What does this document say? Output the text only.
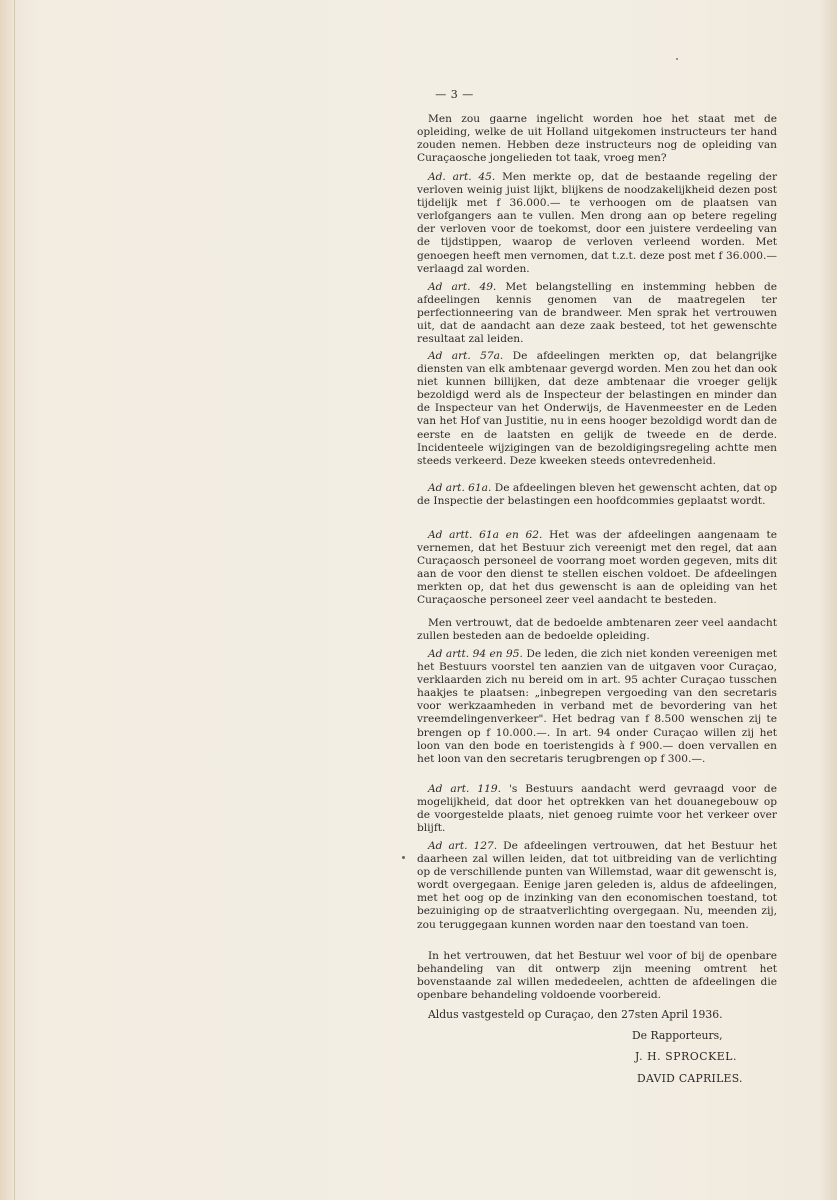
— 3 —

Men zou gaarne ingelicht worden hoe het staat met de opleiding, welke de uit Holland uitgekomen instructeurs ter hand zouden nemen. Hebben deze instructeurs nog de opleiding van Curaçaosche jongelieden tot taak, vroeg men?

Ad. art. 45. Men merkte op, dat de bestaande regeling der verloven weinig juist lijkt, blijkens de noodzakelijkheid dezen post tijdelijk met f 36.000.— te verhoogen om de plaatsen van verlofgangers aan te vullen. Men drong aan op betere regeling der verloven voor de toekomst, door een juistere verdeeling van de tijdstippen, waarop de verloven verleend worden. Met genoegen heeft men vernomen, dat t.z.t. deze post met f 36.000.— verlaagd zal worden.

Ad art. 49. Met belangstelling en instemming hebben de afdeelingen kennis genomen van de maatregelen ter perfectionneering van de brandweer. Men sprak het vertrouwen uit, dat de aandacht aan deze zaak besteed, tot het gewenschte resultaat zal leiden.

Ad art. 57a. De afdeelingen merkten op, dat belangrijke diensten van elk ambtenaar gevergd worden. Men zou het dan ook niet kunnen billijken, dat deze ambtenaar die vroeger gelijk bezoldigd werd als de Inspecteur der belastingen en minder dan de Inspecteur van het Onderwijs, de Havenmeester en de Leden van het Hof van Justitie, nu in eens hooger bezoldigd wordt dan de eerste en de laatsten en gelijk de tweede en de derde. Incidenteele wijzigingen van de bezoldigingsregeling achtte men steeds verkeerd. Deze kweeken steeds ontevredenheid.

Ad art. 61a. De afdeelingen bleven het gewenscht achten, dat op de Inspectie der belastingen een hoofdcommies geplaatst wordt.

Ad artt. 61a en 62. Het was der afdeelingen aangenaam te vernemen, dat het Bestuur zich vereenigt met den regel, dat aan Curaçaosch personeel de voorrang moet worden gegeven, mits dit aan de voor den dienst te stellen eischen voldoet. De afdeelingen merkten op, dat het dus gewenscht is aan de opleiding van het Curaçaosche personeel zeer veel aandacht te besteden.

Men vertrouwt, dat de bedoelde ambtenaren zeer veel aandacht zullen besteden aan de bedoelde opleiding.

Ad artt. 94 en 95. De leden, die zich niet konden vereenigen met het Bestuurs voorstel ten aanzien van de uitgaven voor Curaçao, verklaarden zich nu bereid om in art. 95 achter Curaçao tusschen haakjes te plaatsen: „inbegrepen vergoeding van den secretaris voor werkzaamheden in verband met de bevordering van het vreemdelingenverkeer". Het bedrag van f 8.500 wenschen zij te brengen op f 10.000.—. In art. 94 onder Curaçao willen zij het loon van den bode en toeristengids à f 900.— doen vervallen en het loon van den secretaris terugbrengen op f 300.—.

Ad art. 119. 's Bestuurs aandacht werd gevraagd voor de mogelijkheid, dat door het optrekken van het douanegebouw op de voorgestelde plaats, niet genoeg ruimte voor het verkeer over blijft.

Ad art. 127. De afdeelingen vertrouwen, dat het Bestuur het daarheen zal willen leiden, dat tot uitbreiding van de verlichting op de verschillende punten van Willemstad, waar dit gewenscht is, wordt overgegaan. Eenige jaren geleden is, aldus de afdeelingen, met het oog op de inzinking van den economischen toestand, tot bezuiniging op de straatverlichting overgegaan. Nu, meenden zij, zou teruggegaan kunnen worden naar den toestand van toen.

In het vertrouwen, dat het Bestuur wel voor of bij de openbare behandeling van dit ontwerp zijn meening omtrent het bovenstaande zal willen mededeelen, achtten de afdeelingen die openbare behandeling voldoende voorbereid.

Aldus vastgesteld op Curaçao, den 27sten April 1936.
De Rapporteurs,
J. H. SPROCKEL.
DAVID CAPRILES.
